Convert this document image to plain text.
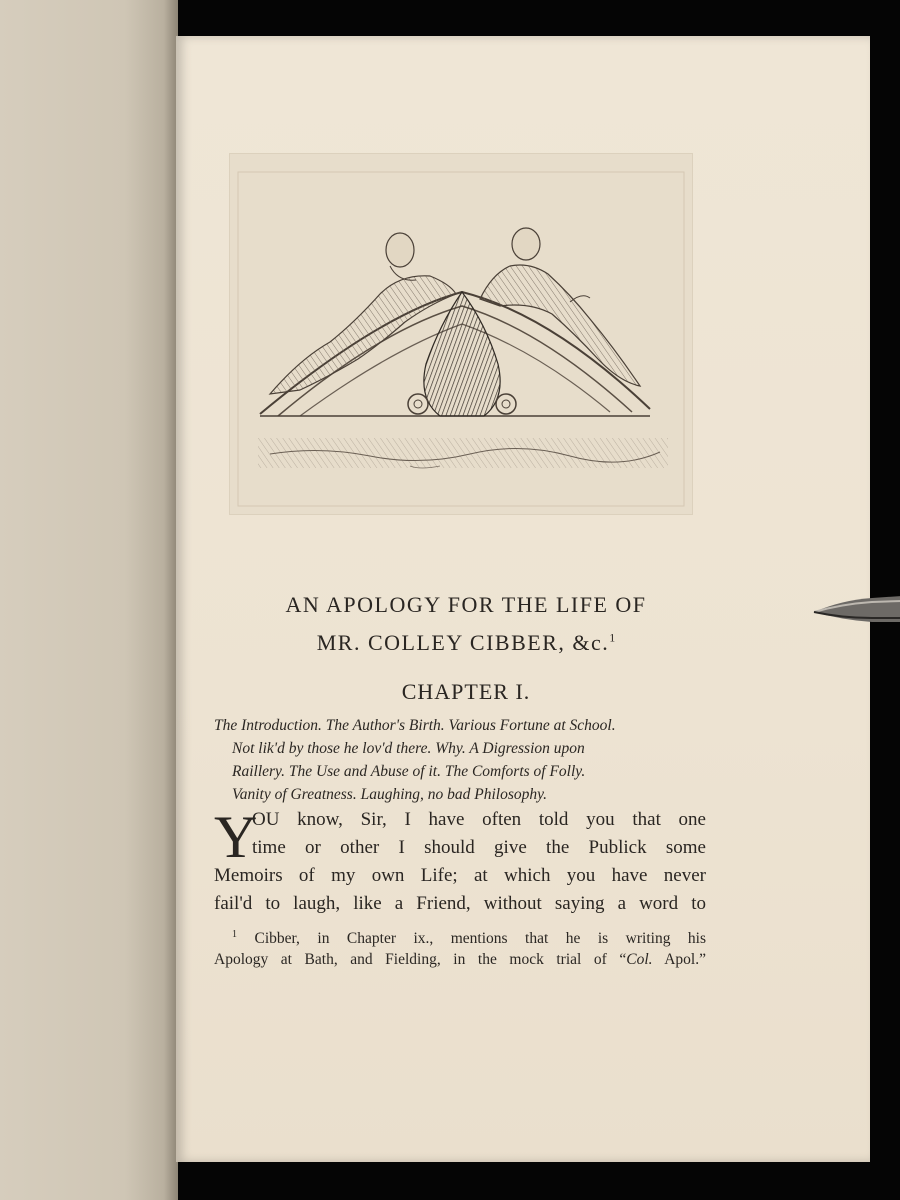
AN APOLOGY FOR THE LIFE OF
MR. COLLEY CIBBER, &c.$^1$
CHAPTER I.
The Introduction. The Author's Birth. Various Fortune at School.
Not lik'd by those he lov'd there. Why. A Digression upon
Raillery. The Use and Abuse of it. The Comforts of Folly.
Vanity of Greatness. Laughing, no bad Philosophy.
Y
OU know, Sir, I have often told you that one
time or other I should give the Publick some
Memoirs of my own Life; at which you have never
fail'd to laugh, like a Friend, without saying a word to
$^1$ Cibber, in Chapter ix., mentions that he is writing his
Apology at Bath, and Fielding, in the mock trial of “Col. Apol.”
